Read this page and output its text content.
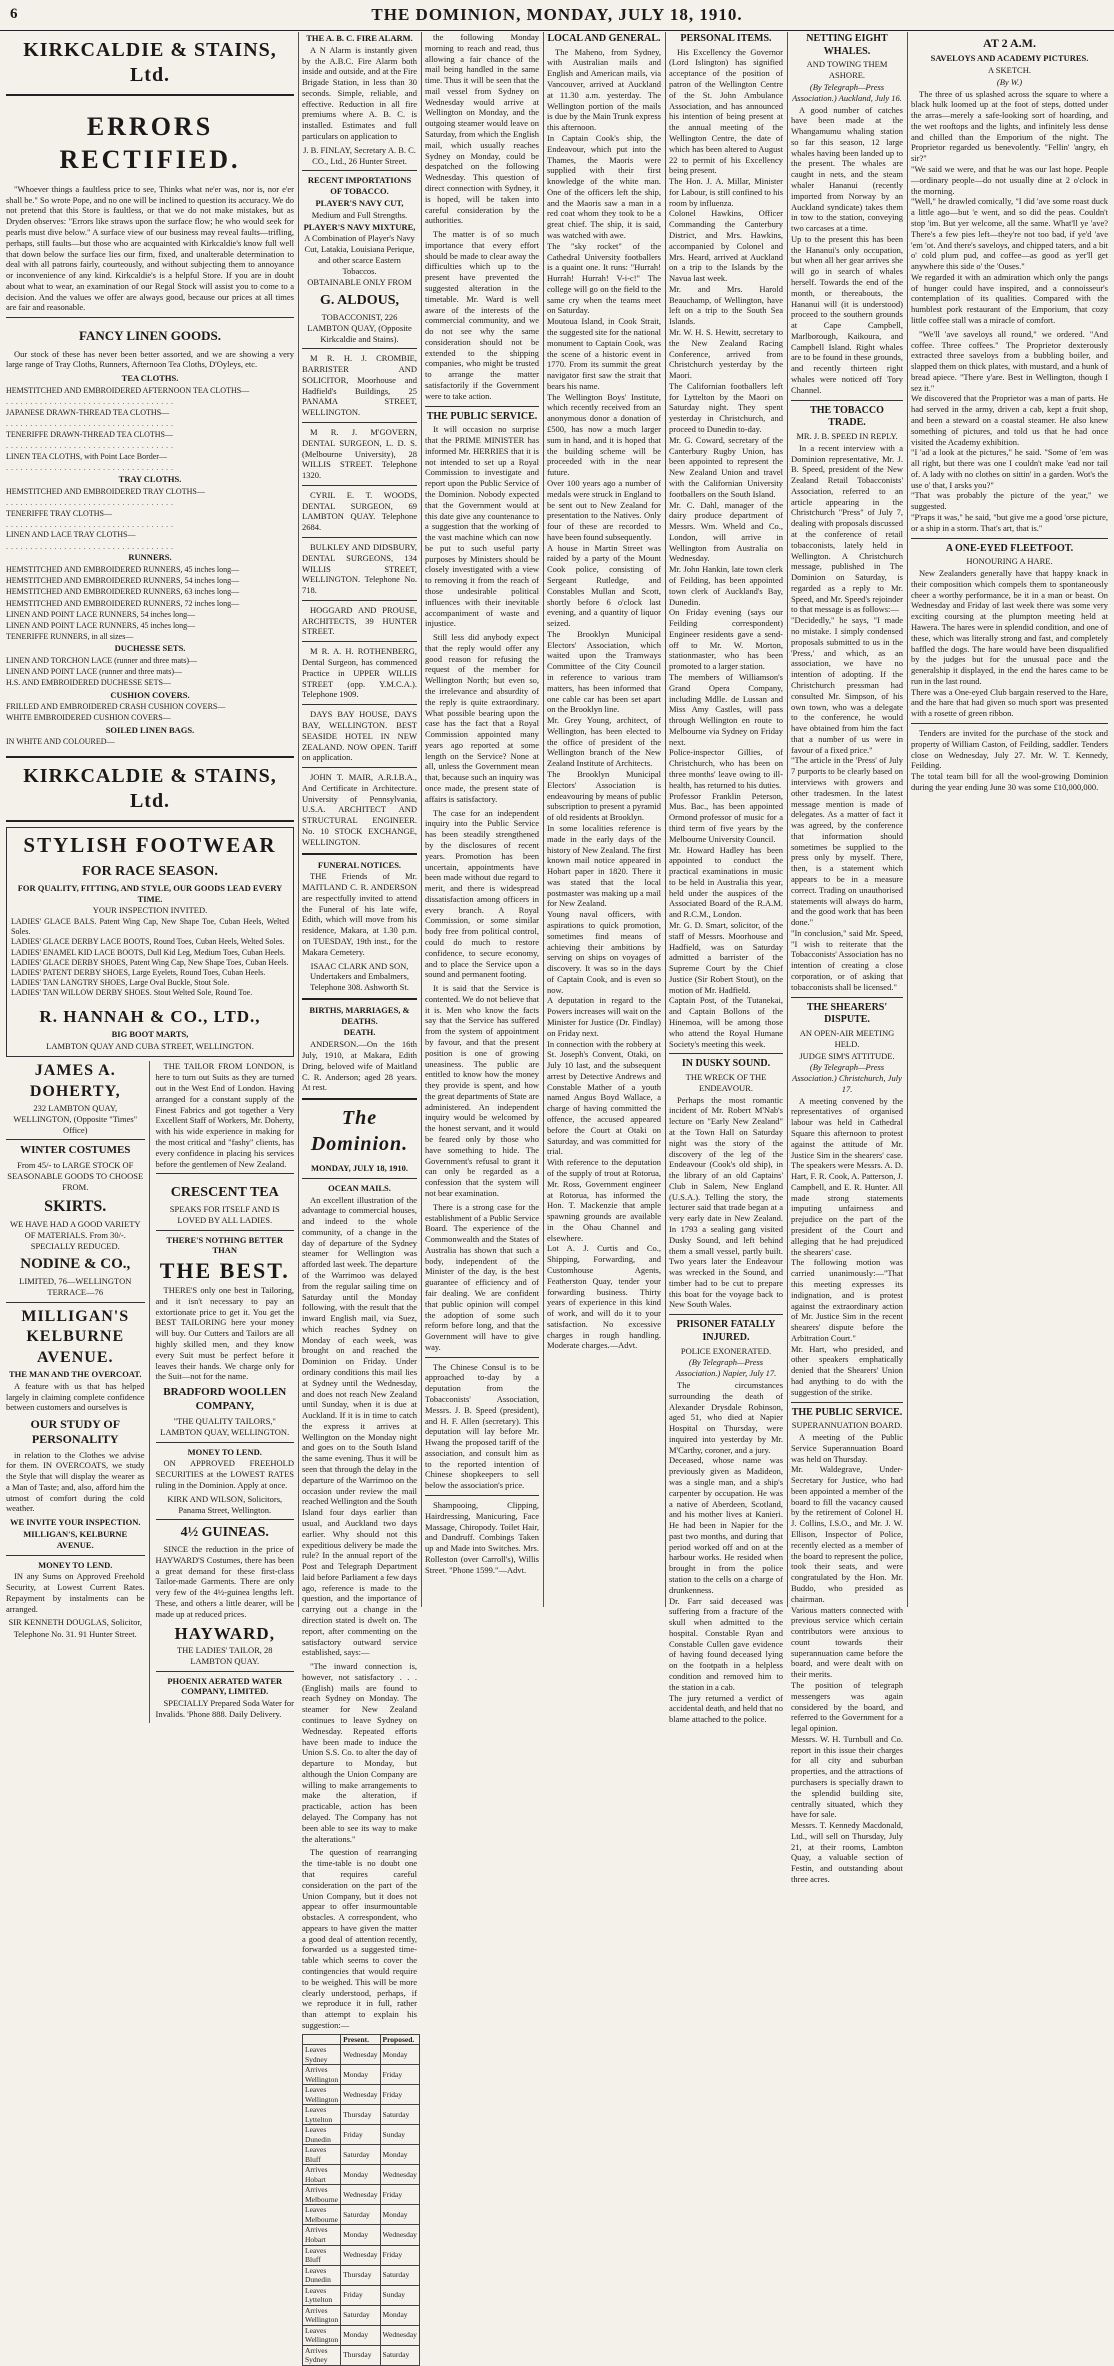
6	THE DOMINION, MONDAY, JULY 18, 1910.
KIRKCALDIE & STAINS, Ltd.
ERRORS RECTIFIED.

"Whoever things a faultless price to see, Thinks what ne'er was, nor is, nor e'er shall be." So wrote Pope, and no one will be inclined to question its accuracy. We do not pretend that this Store is faultless, or that we do not make mistakes, but as Dryden observes: "Errors like straws upon the surface flow; he who would seek for pearls must dive below." A surface view of our business may reveal faults—trifling, perhaps, still faults—but those who are acquainted with Kirkcaldie's know full well that down below the surface lies our firm, fixed, and unalterable determination to deal with all patrons fairly, courteously, and without subjecting them to annoyance or inconvenience of any kind. Kirkcaldie's is a helpful Store. If you are in doubt about what to wear, an examination of our Regal Stock will assist you to come to a decision. And the values we offer are always good, because our prices at all times are fair and reasonable.

FANCY LINEN GOODS.

Our stock of these has never been better assorted, and we are showing a very large range of Tray Cloths, Runners, Afternoon Tea Cloths, D'Oyleys, etc.

TEA CLOTHS.
HEMSTITCHED AND EMBROIDERED AFTERNOON TEA CLOTHS—
. . . . . . . . . . . . . . . . . . . . . . . . . . . . . . . . . . .
JAPANESE DRAWN-THREAD TEA CLOTHS—
. . . . . . . . . . . . . . . . . . . . . . . . . . . . . . . . . . .
TENERIFFE DRAWN-THREAD TEA CLOTHS—
. . . . . . . . . . . . . . . . . . . . . . . . . . . . . . . . . . .
LINEN TEA CLOTHS, with Point Lace Border—
. . . . . . . . . . . . . . . . . . . . . . . . . . . . . . . . . . .
TRAY CLOTHS.
HEMSTITCHED AND EMBROIDERED TRAY CLOTHS—
. . . . . . . . . . . . . . . . . . . . . . . . . . . . . . . . . . .
TENERIFFE TRAY CLOTHS—
. . . . . . . . . . . . . . . . . . . . . . . . . . . . . . . . . . .
LINEN AND LACE TRAY CLOTHS—
. . . . . . . . . . . . . . . . . . . . . . . . . . . . . . . . . . .
RUNNERS.
HEMSTITCHED AND EMBROIDERED RUNNERS, 45 inches long—
HEMSTITCHED AND EMBROIDERED RUNNERS, 54 inches long—
HEMSTITCHED AND EMBROIDERED RUNNERS, 63 inches long—
HEMSTITCHED AND EMBROIDERED RUNNERS, 72 inches long—
LINEN AND POINT LACE RUNNERS, 54 inches long—
LINEN AND POINT LACE RUNNERS, 45 inches long—
TENERIFFE RUNNERS, in all sizes—
DUCHESSE SETS.
LINEN AND TORCHON LACE (runner and three mats)—
LINEN AND POINT LACE (runner and three mats)—
H.S. AND EMBROIDERED DUCHESSE SETS—
CUSHION COVERS.
FRILLED AND EMBROIDERED CRASH CUSHION COVERS—
WHITE EMBROIDERED CUSHION COVERS—
SOILED LINEN BAGS.
IN WHITE AND COLOURED—
KIRKCALDIE & STAINS, Ltd.
STYLISH FOOTWEAR
FOR RACE SEASON.
FOR QUALITY, FITTING, AND STYLE, OUR GOODS LEAD EVERY TIME.
YOUR INSPECTION INVITED.
LADIES' GLACE BALS. Patent Wing Cap, New Shape Toe, Cuban Heels, Welted Soles.
LADIES' GLACE DERBY LACE BOOTS, Round Toes, Cuban Heels, Welted Soles.
LADIES' ENAMEL KID LACE BOOTS, Dull Kid Leg, Medium Toes, Cuban Heels.
LADIES' GLACE DERBY SHOES, Patent Wing Cap, New Shape Toes, Cuban Heels.
LADIES' PATENT DERBY SHOES, Large Eyelets, Round Toes, Cuban Heels.
LADIES' TAN LANGTRY SHOES, Large Oval Buckle, Stout Sole.
LADIES' TAN WILLOW DERBY SHOES. Stout Welted Sole, Round Toe.
R. HANNAH & CO., LTD.,
BIG BOOT MARTS,
LAMBTON QUAY AND CUBA STREET, WELLINGTON.
JAMES A. DOHERTY,
232 LAMBTON QUAY, WELLINGTON, (Opposite "Times" Office)
WINTER COSTUMES
From 45/- to LARGE STOCK OF SEASONABLE GOODS TO CHOOSE FROM.
SKIRTS.
WE HAVE HAD A GOOD VARIETY OF MATERIALS. From 30/-. SPECIALLY REDUCED.
NODINE & CO.,
LIMITED, 76—WELLINGTON TERRACE—76
MILLIGAN'S KELBURNE AVENUE.
THE MAN AND THE OVERCOAT.

A feature with us that has helped largely in claiming complete confidence between customers and ourselves is

OUR STUDY OF PERSONALITY

in relation to the Clothes we advise for them. IN OVERCOATS, we study the Style that will display the wearer as a Man of Taste; and, also, afford him the utmost of comfort during the cold weather.

WE INVITE YOUR INSPECTION.
MILLIGAN'S, KELBURNE AVENUE.
MONEY TO LEND.

IN any Sums on Approved Freehold Security, at Lowest Current Rates. Repayment by instalments can be arranged.

SIR KENNETH DOUGLAS, Solicitor,
Telephone No. 31. 91 Hunter Street.

THE TAILOR FROM LONDON, is here to turn out Suits as they are turned out in the West End of London. Having arranged for a constant supply of the Finest Fabrics and got together a Very Excellent Staff of Workers, Mr. Doherty, with his wide experience in making for the most critical and "fashy" clients, has every confidence in placing his services before the gentlemen of New Zealand.

CRESCENT TEA
SPEAKS FOR ITSELF AND IS LOVED BY ALL LADIES.
THERE'S NOTHING BETTER THAN
THE BEST.

THERE'S only one best in Tailoring, and it isn't necessary to pay an extortionate price to get it. You get the BEST TAILORING here your money will buy. Our Cutters and Tailors are all highly skilled men, and they know every Suit must be perfect before it leaves their hands. We charge only for the Suit—not for the name.

BRADFORD WOOLLEN COMPANY,
"THE QUALITY TAILORS," LAMBTON QUAY, WELLINGTON.
MONEY TO LEND.

ON APPROVED FREEHOLD SECURITIES at the LOWEST RATES ruling in the Dominion. Apply at once.

KIRK AND WILSON, Solicitors, Panama Street, Wellington.
4½ GUINEAS.

SINCE the reduction in the price of HAYWARD'S Costumes, there has been a great demand for these first-class Tailor-made Garments. There are only very few of the 4½-guinea lengths left. These, and others a little dearer, will be made up at reduced prices.

HAYWARD,
THE LADIES' TAILOR, 28 LAMBTON QUAY.
PHOENIX AERATED WATER COMPANY, LIMITED.

SPECIALLY Prepared Soda Water for Invalids. 'Phone 888. Daily Delivery.

THE A. B. C. FIRE ALARM.

A N Alarm is instantly given by the A.B.C. Fire Alarm both inside and outside, and at the Fire Brigade Station, in less than 30 seconds. Simple, reliable, and effective. Reduction in all fire premiums where A. B. C. is installed. Estimates and full particulars on application to

J. B. FINLAY, Secretary A. B. C. CO., Ltd., 26 Hunter Street.
RECENT IMPORTATIONS OF TOBACCO.
PLAYER'S NAVY CUT,
Medium and Full Strengths.
PLAYER'S NAVY MIXTURE,
A Combination of Player's Navy Cut, Latakia, Louisiana Perique, and other scarce Eastern Tobaccos.
OBTAINABLE ONLY FROM
G. ALDOUS,
TOBACCONIST, 226 LAMBTON QUAY, (Opposite Kirkcaldie and Stains).

M R. H. J. CROMBIE, BARRISTER AND SOLICITOR, Moorhouse and Hadfield's Buildings, 25 PANAMA STREET, WELLINGTON.

M R. J. M'GOVERN, DENTAL SURGEON, L. D. S. (Melbourne University), 28 WILLIS STREET. Telephone 1320.

CYRIL E. T. WOODS, DENTAL SURGEON, 69 LAMBTON QUAY. Telephone 2684.

BULKLEY AND DIDSBURY, DENTAL SURGEONS, 134 WILLIS STREET, WELLINGTON. Telephone No. 718.

HOGGARD AND PROUSE, ARCHITECTS, 39 HUNTER STREET.

M R. A. H. ROTHENBERG, Dental Surgeon, has commenced Practice in UPPER WILLIS STREET (opp. Y.M.C.A.). Telephone 1909.

DAYS BAY HOUSE, DAYS BAY, WELLINGTON. BEST SEASIDE HOTEL IN NEW ZEALAND. NOW OPEN. Tariff on application.

JOHN T. MAIR, A.R.I.B.A., And Certificate in Architecture. University of Pennsylvania, U.S.A. ARCHITECT AND STRUCTURAL ENGINEER. No. 10 STOCK EXCHANGE, WELLINGTON.

FUNERAL NOTICES.

THE Friends of Mr. MAITLAND C. R. ANDERSON are respectfully invited to attend the Funeral of his late wife, Edith, which will move from his residence, Makara, at 1.30 p.m. on TUESDAY, 19th inst., for the Makara Cemetery.

ISAAC CLARK AND SON, Undertakers and Embalmers, Telephone 308. Ashworth St.
BIRTHS, MARRIAGES, & DEATHS.
DEATH.

ANDERSON.—On the 16th July, 1910, at Makara, Edith Dring, beloved wife of Maitland C. R. Anderson; aged 28 years. At rest.

The Dominion.
MONDAY, JULY 18, 1910.
OCEAN MAILS.

An excellent illustration of the advantage to commercial houses, and indeed to the whole community, of a change in the day of departure of the Sydney steamer for Wellington was afforded last week. The departure of the Warrimoo was delayed from the regular sailing time on Saturday until the Monday following, with the result that the inward English mail, via Suez, which reaches Sydney on Monday of each week, was brought on and reached the Dominion on Friday. Under ordinary conditions this mail lies at Sydney until the Wednesday, and does not reach New Zealand until Sunday, when it is due at Auckland. If it is in time to catch the express it arrives at Wellington on the Monday night and goes on to the South Island the same evening. Thus it will be seen that through the delay in the departure of the Warrimoo on the occasion under review the mail reached Wellington and the South Island four days earlier than usual, and Auckland two days earlier. Why should not this expeditious delivery be made the rule? In the annual report of the Post and Telegraph Department laid before Parliament a few days ago, reference is made to the question, and the importance of carrying out a change in the direction stated is dwelt on. The report, after commenting on the satisfactory outward service established, says:—

"The inward connection is, however, not satisfactory . . . (English) mails are found to reach Sydney on Monday. The steamer for New Zealand continues to leave Sydney on Wednesday. Repeated efforts have been made to induce the Union S.S. Co. to alter the day of departure to Monday, but although the Union Company are willing to make arrangements to make the alteration, if practicable, action has been delayed. The Company has not been able to see its way to make the alterations."

The question of rearranging the time-table is no doubt one that requires careful consideration on the part of the Union Company, but it does not appear to offer insurmountable obstacles. A correspondent, who appears to have given the matter a good deal of attention recently, forwarded us a suggested time-table which seems to cover the contingencies that would require to be weighed. This will be more clearly understood, perhaps, if we reproduce it in full, rather than attempt to explain his suggestion:—

	Present.	Proposed.
Leaves Sydney	Wednesday	Monday
Arrives Wellington	Monday	Friday
Leaves Wellington	Wednesday	Friday
Leaves Lyttelton	Thursday	Saturday
Leaves Dunedin	Friday	Sunday
Leaves Bluff	Saturday	Monday
Arrives Hobart	Monday	Wednesday
Arrives Melbourne	Wednesday	Friday
Leaves Melbourne	Saturday	Monday
Arrives Hobart	Monday	Wednesday
Leaves Bluff	Wednesday	Friday
Leaves Dunedin	Thursday	Saturday
Leaves Lyttelton	Friday	Sunday
Arrives Wellington	Saturday	Monday
Leaves Wellington	Monday	Wednesday
Arrives Sydney	Thursday	Saturday

the following Monday morning to reach and read, thus allowing a fair chance of the mail being handled in the same time. Thus it will be seen that the mail vessel from Sydney on Wednesday would arrive at Wellington on Monday, and the outgoing steamer would leave on Saturday, from which the English mail, which usually reaches Sydney on Monday, could be despatched on the following Wednesday. This question of direct connection with Sydney, it is hoped, will be taken into careful consideration by the authorities.

The matter is of so much importance that every effort should be made to clear away the difficulties which up to the present have prevented the suggested alteration in the timetable. Mr. Ward is well aware of the interests of the commercial community, and we do not see why the same consideration should not be extended to the shipping companies, who might be trusted to arrange the matter satisfactorily if the Government were to take action.

THE PUBLIC SERVICE.

It will occasion no surprise that the PRIME MINISTER has informed Mr. HERRIES that it is not intended to set up a Royal Commission to investigate and report upon the Public Service of the Dominion. Nobody expected that the Government would at this date give any countenance to a suggestion that the working of the vast machine which can now be put to such useful party purposes by Ministers should be closely investigated with a view to removing it from the reach of those undesirable political influences with their inevitable accompaniment of waste and injustice.

Still less did anybody expect that the reply would offer any good reason for refusing the request of the member for Wellington North; but even so, the irrelevance and absurdity of the reply is quite extraordinary. What possible bearing upon the case has the fact that a Royal Commission appointed many years ago reported at some length on the Service? None at all, unless the Government mean that, because such an inquiry was once made, the present state of affairs is satisfactory.

The case for an independent inquiry into the Public Service has been steadily strengthened by the disclosures of recent years. Promotion has been uncertain, appointments have been made without due regard to merit, and there is widespread dissatisfaction among officers in every branch. A Royal Commission, or some similar body free from political control, could do much to restore confidence, to secure economy, and to place the Service upon a sound and permanent footing.

It is said that the Service is contented. We do not believe that it is. Men who know the facts say that the Service has suffered from the system of appointment by favour, and that the present position is one of growing uneasiness. The public are entitled to know how the money they provide is spent, and how the great departments of State are administered. An independent inquiry would be welcomed by the honest servant, and it would be feared only by those who have something to hide. The Government's refusal to grant it can only be regarded as a confession that the system will not bear examination.

There is a strong case for the establishment of a Public Service Board. The experience of the Commonwealth and the States of Australia has shown that such a body, independent of the Minister of the day, is the best guarantee of efficiency and of fair dealing. We are confident that public opinion will compel the adoption of some such reform before long, and that the Government will have to give way.

The Chinese Consul is to be approached to-day by a deputation from the Tobacconists' Association, Messrs. J. B. Speed (president), and H. F. Allen (secretary). This deputation will lay before Mr. Hwang the proposed tariff of the association, and consult him as to the reported intention of Chinese shopkeepers to sell below the association's price.

Shampooing, Clipping, Hairdressing, Manicuring, Face Massage, Chiropody. Toilet Hair, and Dandruff. Combings Taken up and Made into Switches. Mrs. Rolleston (over Carroll's), Willis Street. "Phone 1599."—Advt.

LOCAL AND GENERAL.

The Maheno, from Sydney, with Australian mails and English and American mails, via Vancouver, arrived at Auckland at 11.30 a.m. yesterday. The Wellington portion of the mails is due by the Main Trunk express this afternoon.
In Captain Cook's ship, the Endeavour, which put into the Thames, the Maoris were supplied with their first knowledge of the white man. One of the officers left the ship, and the Maoris saw a man in a red coat whom they took to be a great chief. The ship, it is said, was watched with awe.
The "sky rocket" of the Cathedral University footballers is a quaint one. It runs: "Hurrah! Hurrah! Hurrah! V-i-c!" The college will go on the field to the same cry when the teams meet on Saturday.
Moutoua Island, in Cook Strait, the suggested site for the national monument to Captain Cook, was the scene of a historic event in 1770. From its summit the great navigator first saw the strait that bears his name.
The Wellington Boys' Institute, which recently received from an anonymous donor a donation of £500, has now a much larger sum in hand, and it is hoped that the building scheme will be proceeded with in the near future.
Over 100 years ago a number of medals were struck in England to be sent out to New Zealand for presentation to the Natives. Only four of these are recorded to have been found subsequently.
A house in Martin Street was raided by a party of the Mount Cook police, consisting of Sergeant Rutledge, and Constables Mullan and Scott, shortly before 6 o'clock last evening, and a quantity of liquor seized.
The Brooklyn Municipal Electors' Association, which waited upon the Tramways Committee of the City Council in reference to various tram matters, has been informed that one cable car has been set apart on the Brooklyn line.
Mr. Grey Young, architect, of Wellington, has been elected to the office of president of the Wellington branch of the New Zealand Institute of Architects.
The Brooklyn Municipal Electors' Association is endeavouring by means of public subscription to present a pyramid of old residents at Brooklyn.
In some localities reference is made in the early days of the history of New Zealand. The first known mail notice appeared in Hobart paper in 1820. There it was stated that the local postmaster was making up a mail for New Zealand.
Young naval officers, with aspirations to quick promotion, sometimes find means of achieving their ambitions by serving on ships on voyages of discovery. It was so in the days of Captain Cook, and is even so now.
A deputation in regard to the Powers increases will wait on the Minister for Justice (Dr. Findlay) on Friday next.
In connection with the robbery at St. Joseph's Convent, Otaki, on July 10 last, and the subsequent arrest by Detective Andrews and Constable Mather of a youth named Angus Boyd Wallace, a charge of having committed the offence, the accused appeared before the Court at Otaki on Saturday, and was committed for trial.
With reference to the deputation of the supply of trout at Rotorua, Mr. Ross, Government engineer at Rotorua, has informed the Hon. T. Mackenzie that ample spawning grounds are available in the Ohau Channel and elsewhere.
Lot A. J. Curtis and Co., Shipping, Forwarding, and Customhouse Agents, Featherston Quay, tender your forwarding business. Thirty years of experience in this kind of work, and will do it to your satisfaction. No excessive charges in rough handling. Moderate charges.—Advt.

PERSONAL ITEMS.

His Excellency the Governor (Lord Islington) has signified acceptance of the position of patron of the Wellington Centre of the St. John Ambulance Association, and has announced his intention of being present at the annual meeting of the Wellington Centre, the date of which has been altered to August 22 to permit of his Excellency being present.
The Hon. J. A. Millar, Minister for Labour, is still confined to his room by influenza.
Colonel Hawkins, Officer Commanding the Canterbury District, and Mrs. Hawkins, accompanied by Colonel and Mrs. Heard, arrived at Auckland on a trip to the Islands by the Navua last week.
Mr. and Mrs. Harold Beauchamp, of Wellington, have left on a trip to the South Sea Islands.
Mr. W. H. S. Hewitt, secretary to the New Zealand Racing Conference, arrived from Christchurch yesterday by the Maori.
The Californian footballers left for Lyttelton by the Maori on Saturday night. They spent yesterday in Christchurch, and proceed to Dunedin to-day.
Mr. G. Coward, secretary of the Canterbury Rugby Union, has been appointed to represent the New Zealand Union and travel with the Californian University footballers on the South Island.
Mr. C. Dahl, manager of the dairy produce department of Messrs. Wm. Wheld and Co., London, will arrive in Wellington from Australia on Wednesday.
Mr. John Hankin, late town clerk of Feilding, has been appointed town clerk of Auckland's Bay, Dunedin.
On Friday evening (says our Feilding correspondent) Engineer residents gave a send-off to Mr. W. Morton, stationmaster, who has been promoted to a larger station.
The members of Williamson's Grand Opera Company, including Mdlle. de Lussan and Miss Amy Castles, will pass through Wellington en route to Melbourne via Sydney on Friday next.
Police-inspector Gillies, of Christchurch, who has been on three months' leave owing to ill-health, has returned to his duties.
Professor Franklin Peterson, Mus. Bac., has been appointed Ormond professor of music for a third term of five years by the Melbourne University Council.
Mr. Howard Hadley has been appointed to conduct the practical examinations in music to be held in Australia this year, held under the auspices of the Associated Board of the R.A.M. and R.C.M., London.
Mr. G. D. Smart, solicitor, of the staff of Messrs. Moorhouse and Hadfield, was on Saturday admitted a barrister of the Supreme Court by the Chief Justice (Sir Robert Stout), on the motion of Mr. Hadfield.
Captain Post, of the Tutanekai, and Captain Bollons of the Hinemoa, will be among those who attend the Royal Humane Society's meeting this week.

IN DUSKY SOUND.
THE WRECK OF THE ENDEAVOUR.

Perhaps the most romantic incident of Mr. Robert M'Nab's lecture on "Early New Zealand" at the Town Hall on Saturday night was the story of the discovery of the leg of the Endeavour (Cook's old ship), in the library of an old Captains' Club in Salem, New England (U.S.A.). Telling the story, the lecturer said that trade began at a very early date in New Zealand. In 1793 a sealing gang visited Dusky Sound, and left behind them a small vessel, partly built. Two years later the Endeavour was wrecked in the Sound, and timber had to be cut to prepare this boat for the voyage back to New South Wales.

PRISONER FATALLY INJURED.
POLICE EXONERATED.
(By Telegraph—Press Association.) Napier, July 17.

The circumstances surrounding the death of Alexander Drysdale Robinson, aged 51, who died at Napier Hospital on Thursday, were inquired into yesterday by Mr. M'Carthy, coroner, and a jury.
Deceased, whose name was previously given as Madideon, was a single man, and a ship's carpenter by occupation. He was a native of Aberdeen, Scotland, and his mother lives at Kanieri. He had been in Napier for the past two months, and during that period worked off and on at the harbour works. He resided when brought in from the police station to the cells on a charge of drunkenness.
Dr. Farr said deceased was suffering from a fracture of the skull when admitted to the hospital. Constable Ryan and Constable Cullen gave evidence of having found deceased lying on the footpath in a helpless condition and removed him to the station in a cab.
The jury returned a verdict of accidental death, and held that no blame attached to the police.

NETTING EIGHT WHALES.
AND TOWING THEM ASHORE.
(By Telegraph—Press Association.) Auckland, July 16.

A good number of catches have been made at the Whangamumu whaling station so far this season, 12 large whales having been landed up to the present. The whales are caught in nets, and the steam whaler Hananui (recently imported from Norway by an Auckland syndicate) takes them in tow to the station, conveying two carcases at a time.
Up to the present this has been the Hananui's only occupation, but when all her gear arrives she will go in search of whales herself. Towards the end of the month, or thereabouts, the Hananui will (it is understood) proceed to the southern grounds at Cape Campbell, Marlborough, Kaikoura, and Campbell Island. Right whales are to be found in these grounds, and recently thirteen right whales were noticed off Tory Channel.

THE TOBACCO TRADE.
MR. J. B. SPEED IN REPLY.

In a recent interview with a Dominion representative, Mr. J. B. Speed, president of the New Zealand Retail Tobacconists' Association, referred to an article appearing in the Christchurch "Press" of July 7, dealing with proposals discussed at the conference of retail tobacconists, lately held in Wellington. A Christchurch message, published in The Dominion on Saturday, is regarded as a reply to Mr. Speed, and Mr. Speed's rejoinder to that message is as follows:—
"Decidedly," he says, "I made no mistake. I simply condensed proposals submitted to us in the 'Press,' and which, as an association, we have no intention of adopting. If the Christchurch pressman had consulted Mr. Simpson, of his own town, who was a delegate to the conference, he would have obtained from him the fact that a number of us were in favour of a fixed price."
"The article in the 'Press' of July 7 purports to be clearly based on interviews with growers and other tradesmen. In the latest message mention is made of delegates. As a matter of fact it was agreed, by the conference that information should sometimes be supplied to the press only by myself. There, then, is a statement which appears to be in a measure correct. Trading on unauthorised statements will always do harm, and the good work that has been done."
"In conclusion," said Mr. Speed, "I wish to reiterate that the Tobacconists' Association has no intention of creating a close corporation, or of asking that tobacconists shall be licensed."

THE SHEARERS' DISPUTE.
AN OPEN-AIR MEETING HELD.
JUDGE SIM'S ATTITUDE.
(By Telegraph—Press Association.) Christchurch, July 17.

A meeting convened by the representatives of organised labour was held in Cathedral Square this afternoon to protest against the attitude of Mr. Justice Sim in the shearers' case. The speakers were Messrs. A. D. Hart, F. R. Cook, A. Patterson, J. Campbell, and E. R. Hunter. All made strong statements imputing unfairness and prejudice on the part of the president of the Court and alleging that he had prejudiced the shearers' case.
The following motion was carried unanimously:—"That this meeting expresses its indignation, and is protest against the extraordinary action of Mr. Justice Sim in the recent shearers' dispute before the Arbitration Court."
Mr. Hart, who presided, and other speakers emphatically denied that the Shearers' Union had anything to do with the suggestion of the strike.

THE PUBLIC SERVICE.
SUPERANNUATION BOARD.

A meeting of the Public Service Superannuation Board was held on Thursday.
Mr. Waldegrave, Under-Secretary for Justice, who had been appointed a member of the board to fill the vacancy caused by the retirement of Colonel H. J. Collins, I.S.O., and Mr. J. W. Ellison, Inspector of Police, recently elected as a member of the board to represent the police, took their seats, and were congratulated by the Hon. Mr. Buddo, who presided as chairman.
Various matters connected with previous service which certain contributors were anxious to count towards their superannuation came before the board, and were dealt with on their merits.
The position of telegraph messengers was again considered by the board, and referred to the Government for a legal opinion.
Messrs. W. H. Turnbull and Co. report in this issue their charges for all city and suburban properties, and the attractions of purchasers is specially drawn to the splendid building site, centrally situated, which they have for sale.
Messrs. T. Kennedy Macdonald, Ltd., will sell on Thursday, July 21, at their rooms, Lambton Quay, a valuable section of Festin, and outstanding about three acres.

AT 2 A.M.
SAVELOYS AND ACADEMY PICTURES.
A SKETCH.
(By W.)

The three of us splashed across the square to where a black hulk loomed up at the foot of steps, dotted under the arras—merely a safe-looking sort of hoarding, and the wet rooftops and the lights, and infinitely less dense and chilled than the Emporium of the night. The Proprietor regarded us benevolently. "Fellin' 'angry, eh sir?"
"We said we were, and that he was our last hope. People—ordinary people—do not usually dine at 2 o'clock in the morning.
"Well," he drawled comically, "I did 'ave some roast duck a little ago—but 'e went, and so did the peas. Couldn't stop 'im. But yer welcome, all the same. What'll ye 'ave? There's a few pies left—they're not too bad, if ye'd 'ave 'em 'ot. And there's saveloys, and chipped taters, and a bit o' cold plum pud, and coffee—as good as yer'll get anywhere this side o' the 'Ouses."
We regarded it with an admiration which only the pangs of hunger could have inspired, and a connoisseur's contemplation of its qualities. Compared with the humblest pork restaurant of the Emporium, that cozy little coffee stall was a miracle of comfort.

"We'll 'ave saveloys all round," we ordered. "And coffee. Three coffees." The Proprietor dexterously extracted three saveloys from a bubbling boiler, and slapped them on thick plates, with mustard, and a hunk of bread apiece. "There y'are. Best in Wellington, though I sez it."
We discovered that the Proprietor was a man of parts. He had served in the army, driven a cab, kept a fruit shop, and been a steward on a coastal steamer. He also knew something of pictures, and told us that he had once visited the Academy exhibition.
"I 'ad a look at the pictures," he said. "Some of 'em was all right, but there was one I couldn't make 'ead nor tail of. A lady with no clothes on sittin' in a garden. Wot's the use o' that, I arsks you?"
"That was probably the picture of the year," we suggested.
"P'raps it was," he said, "but give me a good 'orse picture, or a ship in a storm. That's art, that is."

A ONE-EYED FLEETFOOT.
HONOURING A HARE.

New Zealanders generally have that happy knack in their composition which compels them to spontaneously cheer a worthy performance, be it in a man or beast. On Wednesday and Friday of last week there was some very exciting coursing at the plumpton meeting held at Hawera. The hares were in splendid condition, and one of these, which was literally strong and fast, and completely baffled the dogs. The hare would have been disqualified by the judges but for the unusual pace and the generalship it displayed, in the end the hares came to be run in the last round.
There was a One-eyed Club bargain reserved to the Hare, and the hare that had given so much sport was presented with a rosette of green ribbon.

Tenders are invited for the purchase of the stock and property of William Caston, of Feilding, saddler. Tenders close on Wednesday, July 27. Mr. W. T. Kennedy, Feilding.
The total team bill for all the wool-growing Dominion during the year ending June 30 was some £10,000,000.
